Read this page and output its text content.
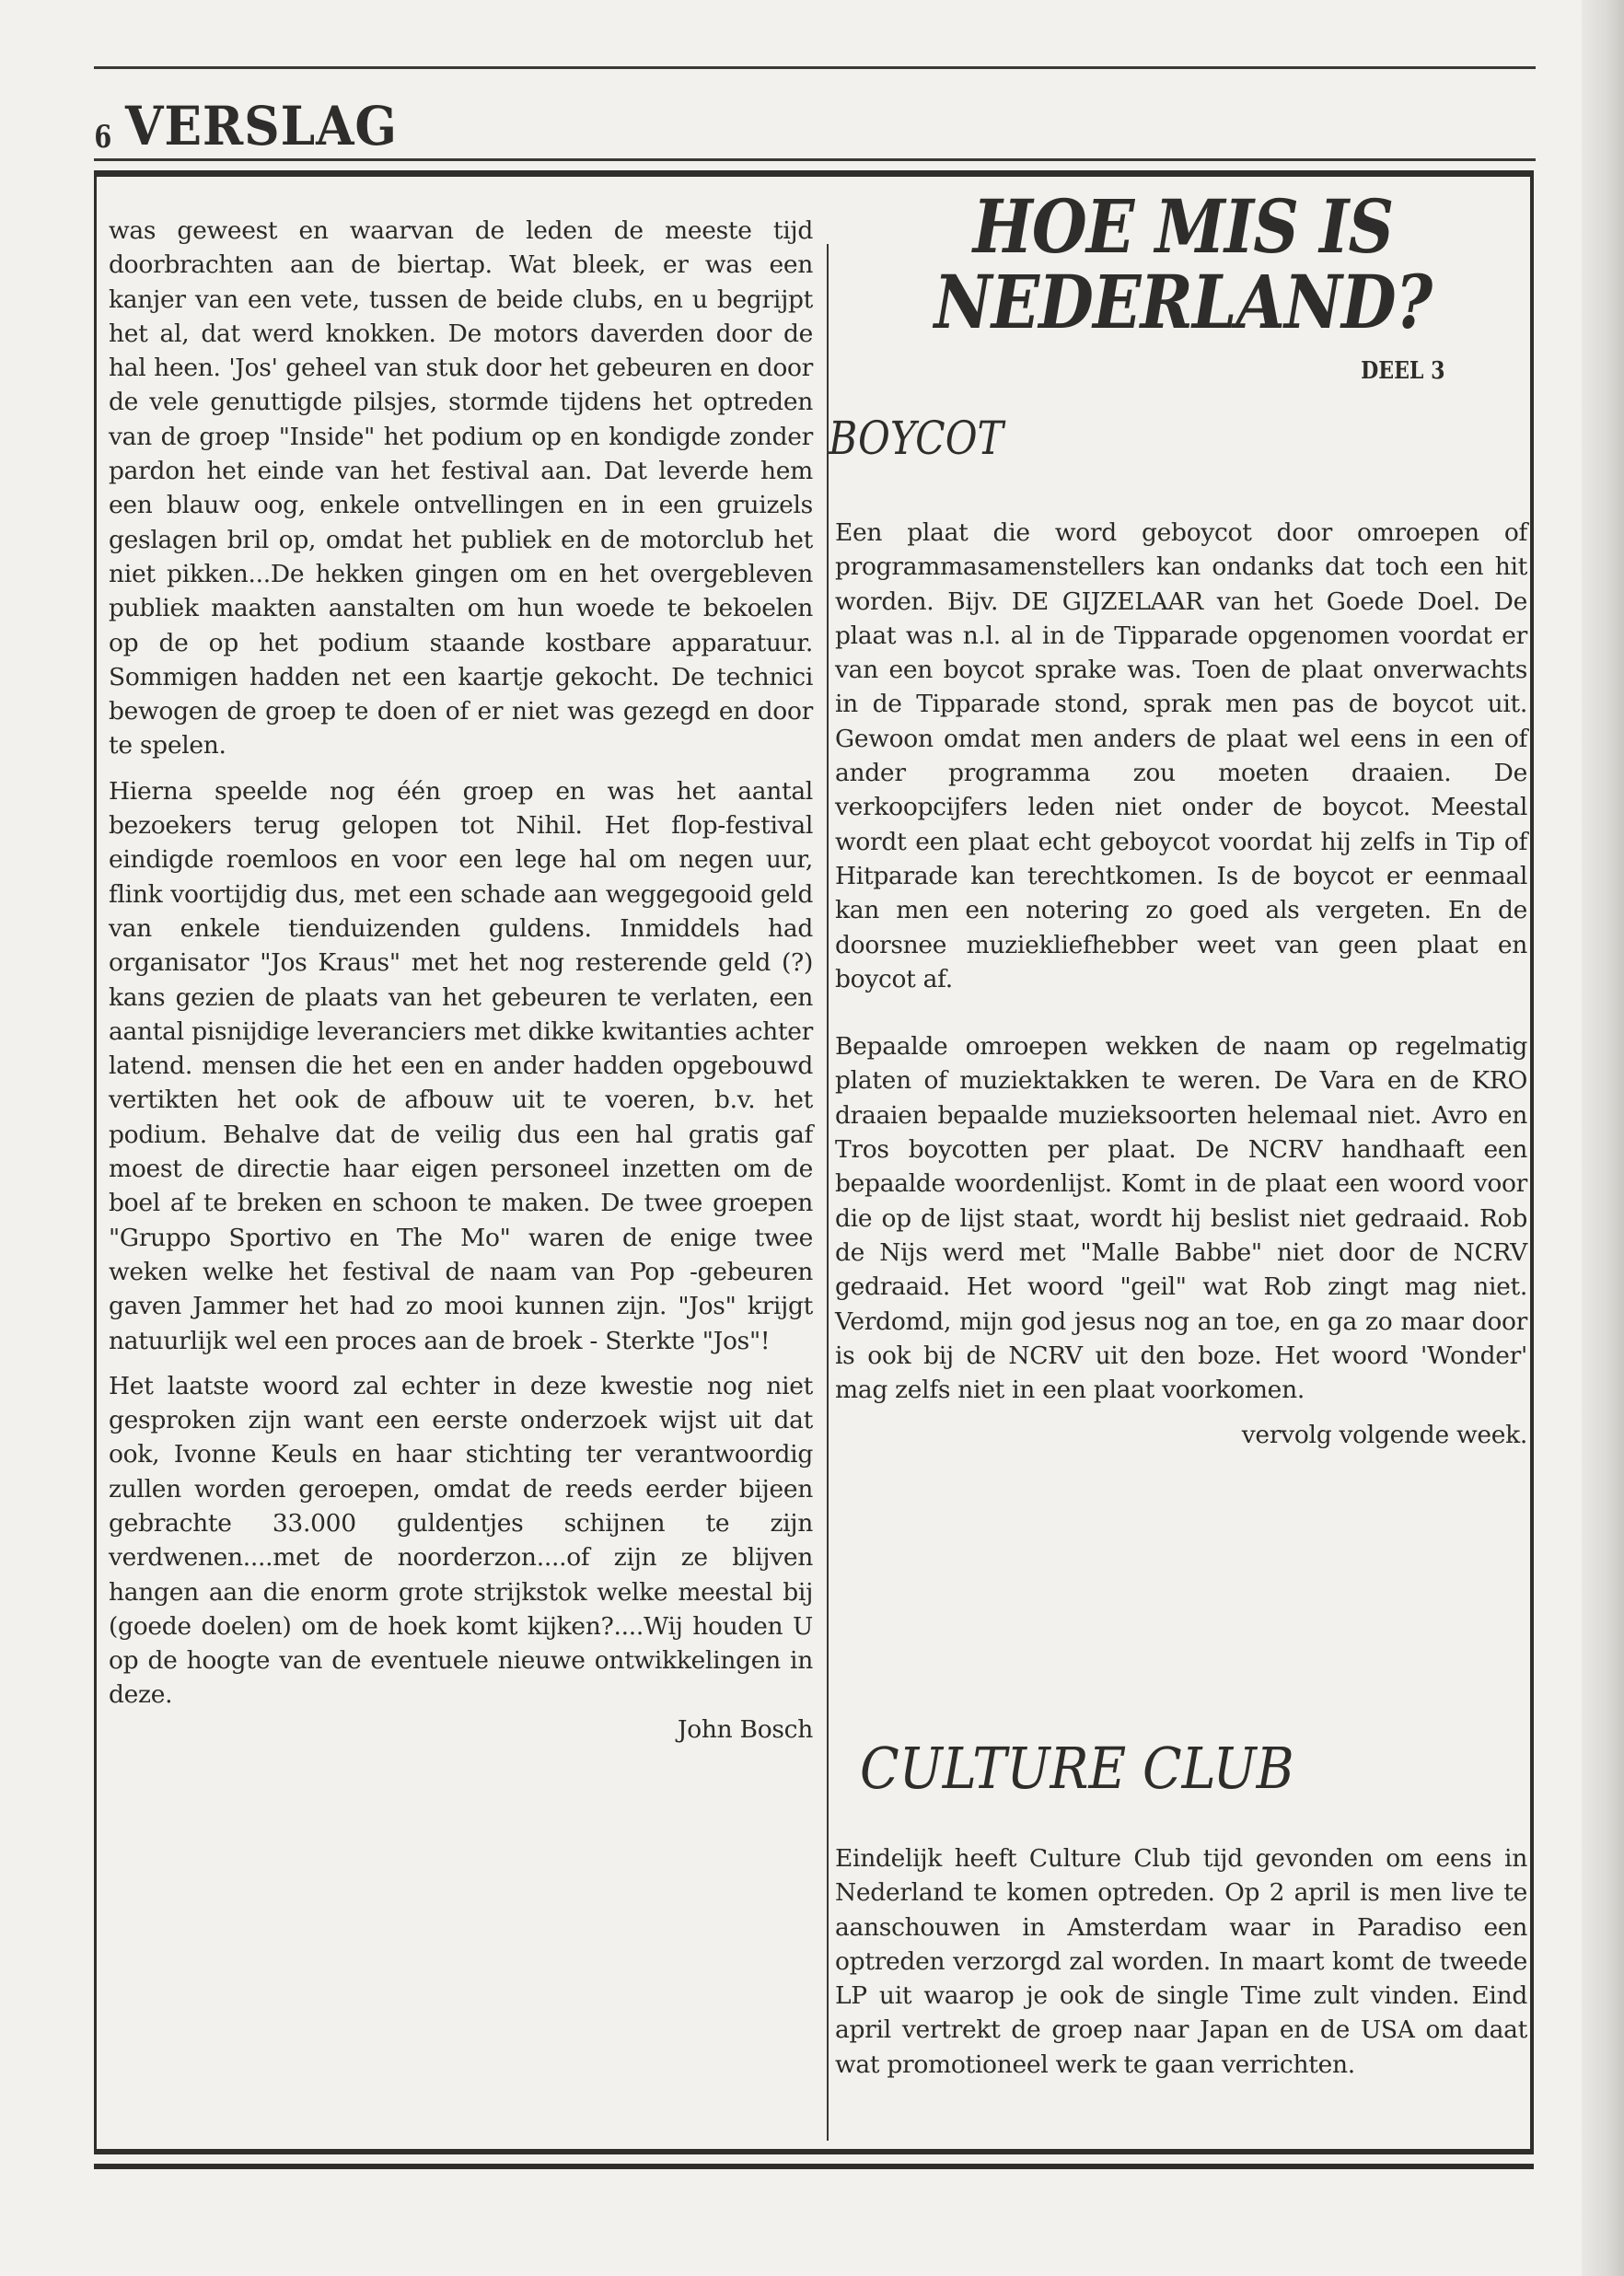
6 VERSLAG

was geweest en waarvan de leden de meeste tijd doorbrachten aan de biertap. Wat bleek, er was een kanjer van een vete, tussen de beide clubs, en u begrijpt het al, dat werd knokken. De motors daverden door de hal heen. 'Jos' geheel van stuk door het gebeuren en door de vele genuttigde pilsjes, stormde tijdens het optreden van de groep "Inside" het podium op en kondigde zonder pardon het einde van het festival aan. Dat leverde hem een blauw oog, enkele ontvellingen en in een gruizels geslagen bril op, omdat het publiek en de motorclub het niet pikken...De hekken gingen om en het overgebleven publiek maakten aanstalten om hun woede te bekoelen op de op het podium staande kostbare apparatuur. Sommigen hadden net een kaartje gekocht. De technici bewogen de groep te doen of er niet was gezegd en door te spelen.

Hierna speelde nog één groep en was het aantal bezoekers terug gelopen tot Nihil. Het flop-festival eindigde roemloos en voor een lege hal om negen uur, flink voortijdig dus, met een schade aan weggegooid geld van enkele tienduizenden guldens. Inmiddels had organisator "Jos Kraus" met het nog resterende geld (?) kans gezien de plaats van het gebeuren te verlaten, een aantal pisnijdige leveranciers met dikke kwitanties achter latend. mensen die het een en ander hadden opgebouwd vertikten het ook de afbouw uit te voeren, b.v. het podium. Behalve dat de veilig dus een hal gratis gaf moest de directie haar eigen personeel inzetten om de boel af te breken en schoon te maken. De twee groepen "Gruppo Sportivo en The Mo" waren de enige twee weken welke het festival de naam van Pop -gebeuren gaven Jammer het had zo mooi kunnen zijn. "Jos" krijgt natuurlijk wel een proces aan de broek - Sterkte "Jos"!

Het laatste woord zal echter in deze kwestie nog niet gesproken zijn want een eerste onderzoek wijst uit dat ook, Ivonne Keuls en haar stichting ter verantwoordig zullen worden geroepen, omdat de reeds eerder bijeen gebrachte 33.000 guldentjes schijnen te zijn verdwenen....met de noorderzon....of zijn ze blijven hangen aan die enorm grote strijkstok welke meestal bij (goede doelen) om de hoek komt kijken?....Wij houden U op de hoogte van de eventuele nieuwe ontwikkelingen in deze.

John Bosch

HOE MIS IS
NEDERLAND?
DEEL 3
BOYCOT

Een plaat die word geboycot door omroepen of programmasamenstellers kan ondanks dat toch een hit worden. Bijv. DE GIJZELAAR van het Goede Doel. De plaat was n.l. al in de Tipparade opgenomen voordat er van een boycot sprake was. Toen de plaat onverwachts in de Tipparade stond, sprak men pas de boycot uit. Gewoon omdat men anders de plaat wel eens in een of ander programma zou moeten draaien. De verkoopcijfers leden niet onder de boycot. Meestal wordt een plaat echt geboycot voordat hij zelfs in Tip of Hitparade kan terechtkomen. Is de boycot er eenmaal kan men een notering zo goed als vergeten. En de doorsnee muziekliefhebber weet van geen plaat en boycot af.

Bepaalde omroepen wekken de naam op regelmatig platen of muziektakken te weren. De Vara en de KRO draaien bepaalde muzieksoorten helemaal niet. Avro en Tros boycotten per plaat. De NCRV handhaaft een bepaalde woordenlijst. Komt in de plaat een woord voor die op de lijst staat, wordt hij beslist niet gedraaid. Rob de Nijs werd met "Malle Babbe" niet door de NCRV gedraaid. Het woord "geil" wat Rob zingt mag niet. Verdomd, mijn god jesus nog an toe, en ga zo maar door is ook bij de NCRV uit den boze. Het woord 'Wonder' mag zelfs niet in een plaat voorkomen.

vervolg volgende week.

CULTURE CLUB

Eindelijk heeft Culture Club tijd gevonden om eens in Nederland te komen optreden. Op 2 april is men live te aanschouwen in Amsterdam waar in Paradiso een optreden verzorgd zal worden. In maart komt de tweede LP uit waarop je ook de single Time zult vinden. Eind april vertrekt de groep naar Japan en de USA om daat wat promotioneel werk te gaan verrichten.
